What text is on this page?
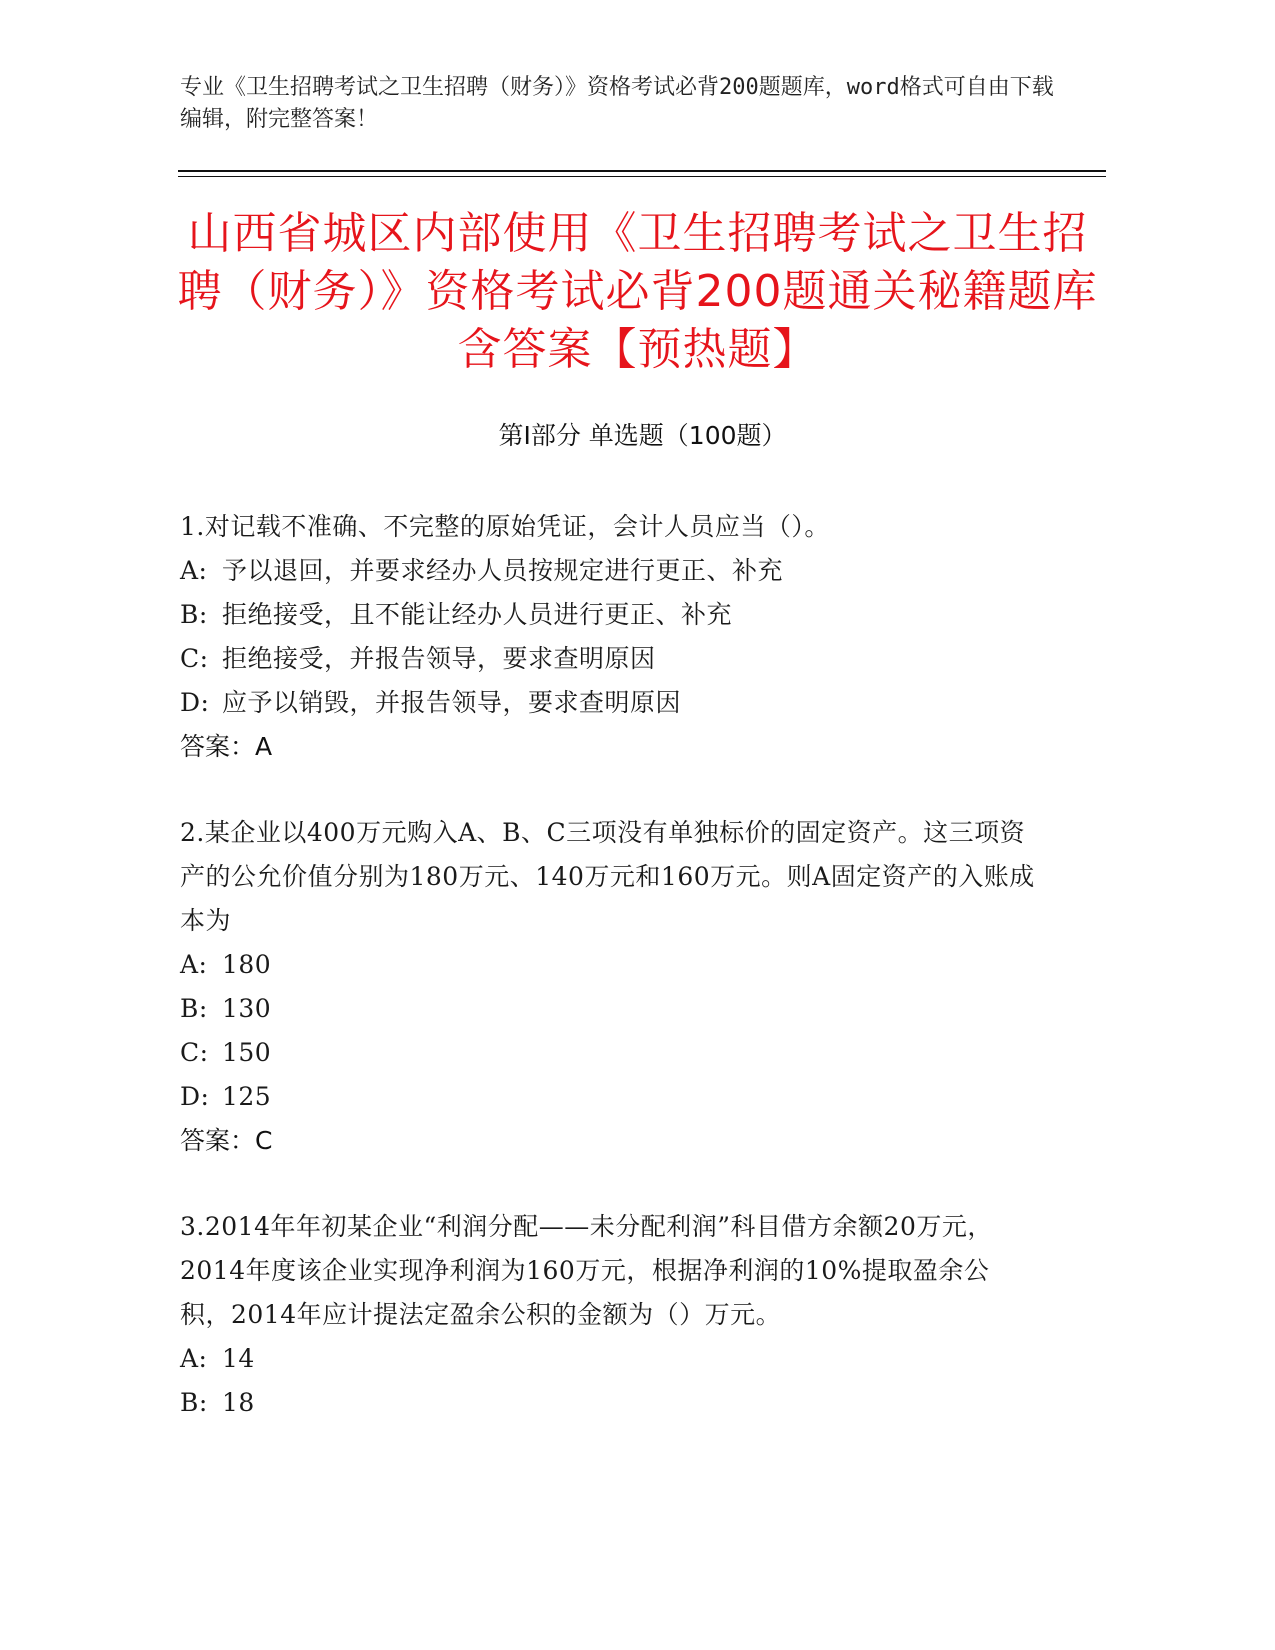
专业《卫生招聘考试之卫生招聘（财务）》资格考试必背200题题库，word格式可自由下载编辑，附完整答案！
山西省城区内部使用《卫生招聘考试之卫生招聘（财务）》资格考试必背200题通关秘籍题库含答案【预热题】
第Ⅰ部分 单选题（100题）
1.对记载不准确、不完整的原始凭证，会计人员应当（）。
A: 予以退回，并要求经办人员按规定进行更正、补充
B: 拒绝接受，且不能让经办人员进行更正、补充
C: 拒绝接受，并报告领导，要求查明原因
D: 应予以销毁，并报告领导，要求查明原因
答案：A
2.某企业以400万元购入A、B、C三项没有单独标价的固定资产。这三项资产的公允价值分别为180万元、140万元和160万元。则A固定资产的入账成本为
A: 180
B: 130
C: 150
D: 125
答案：C
3.2014年年初某企业“利润分配——未分配利润”科目借方余额20万元，2014年度该企业实现净利润为160万元，根据净利润的10%提取盈余公积，2014年应计提法定盈余公积的金额为（）万元。
A: 14
B: 18
